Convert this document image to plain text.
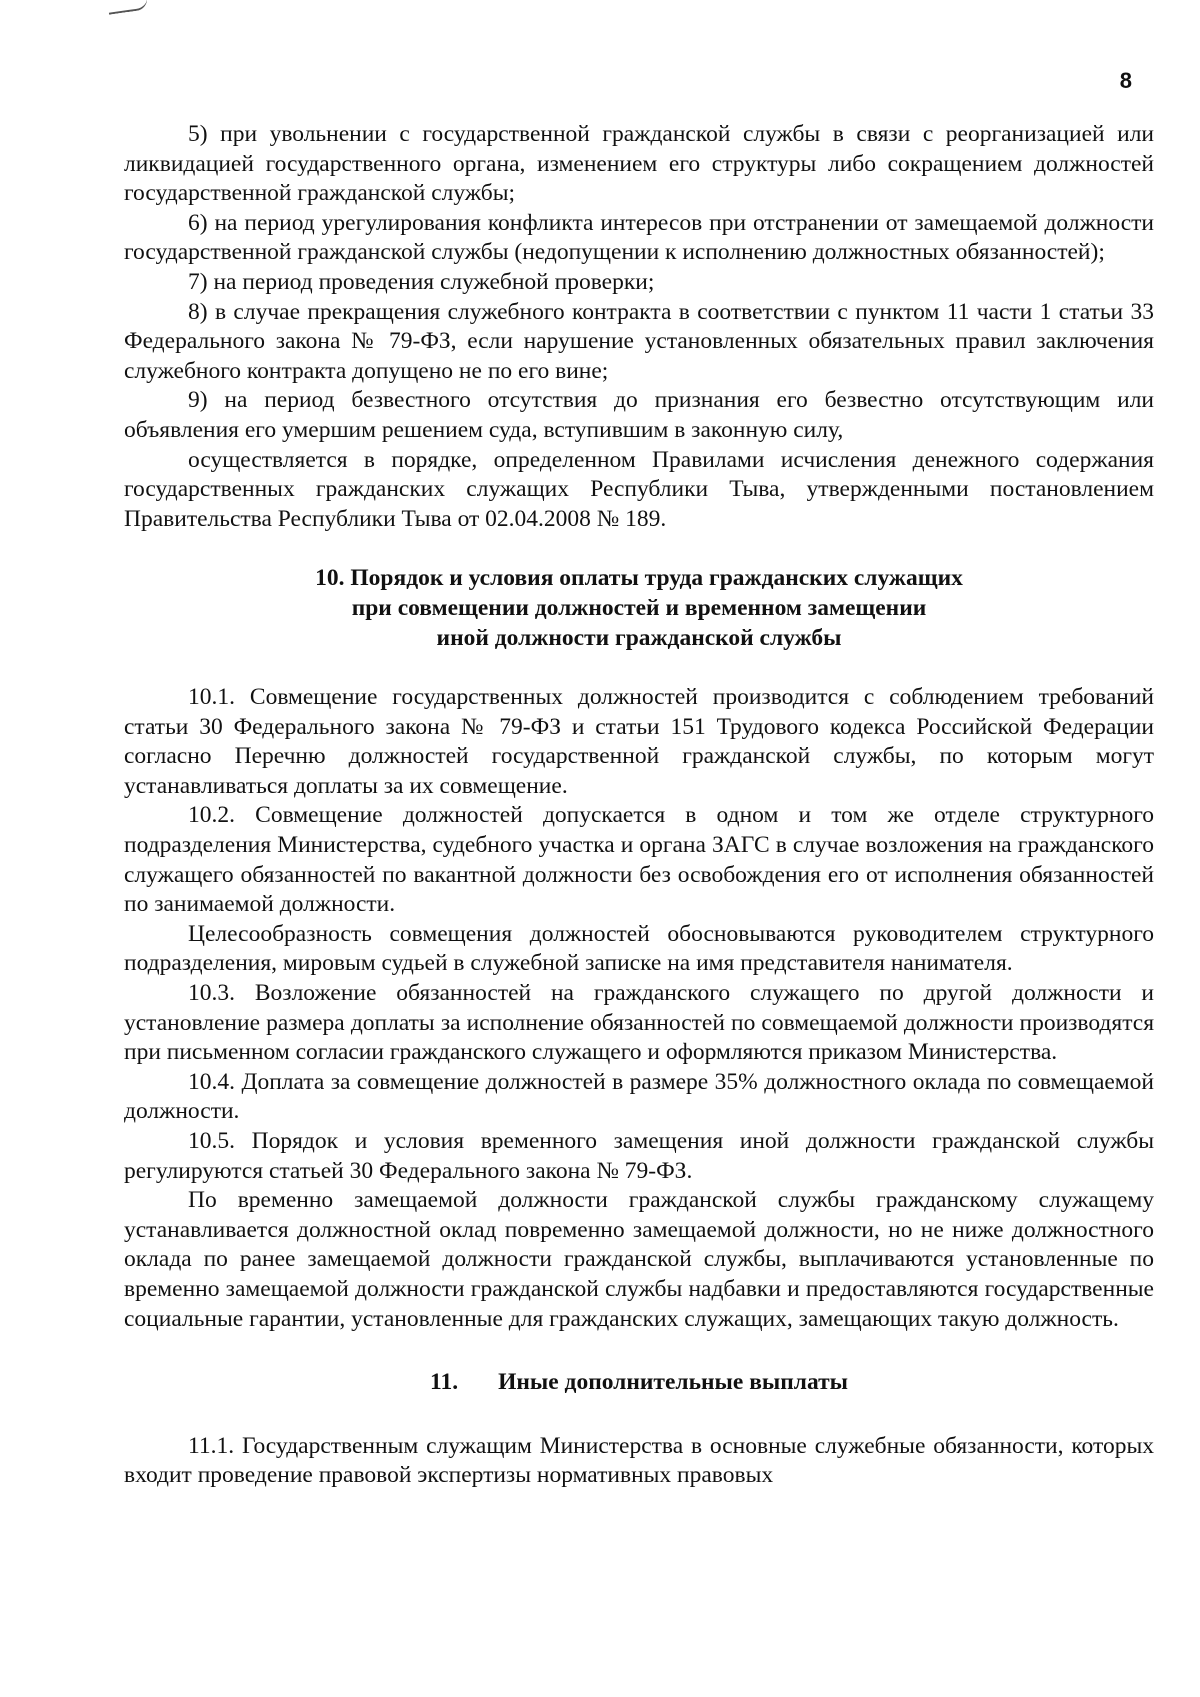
8

5) при увольнении с государственной гражданской службы в связи с реорганизацией или ликвидацией государственного органа, изменением его структуры либо сокращением должностей государственной гражданской службы;

6) на период урегулирования конфликта интересов при отстранении от замещаемой должности государственной гражданской службы (недопущении к исполнению должностных обязанностей);

7) на период проведения служебной проверки;

8) в случае прекращения служебного контракта в соответствии с пунктом 11 части 1 статьи 33 Федерального закона № 79-ФЗ, если нарушение установленных обязательных правил заключения служебного контракта допущено не по его вине;

9) на период безвестного отсутствия до признания его безвестно отсутствующим или объявления его умершим решением суда, вступившим в законную силу,

осуществляется в порядке, определенном Правилами исчисления денежного содержания государственных гражданских служащих Республики Тыва, утвержденными постановлением Правительства Республики Тыва от 02.04.2008 № 189.

10. Порядок и условия оплаты труда гражданских служащих
при совмещении должностей и временном замещении
иной должности гражданской службы

10.1. Совмещение государственных должностей производится с соблюдением требований статьи 30 Федерального закона № 79-ФЗ и статьи 151 Трудового кодекса Российской Федерации согласно Перечню должностей государственной гражданской службы, по которым могут устанавливаться доплаты за их совмещение.

10.2. Совмещение должностей допускается в одном и том же отделе структурного подразделения Министерства, судебного участка и органа ЗАГС в случае возложения на гражданского служащего обязанностей по вакантной должности без освобождения его от исполнения обязанностей по занимаемой должности.

Целесообразность совмещения должностей обосновываются руководителем структурного подразделения, мировым судьей в служебной записке на имя представителя нанимателя.

10.3. Возложение обязанностей на гражданского служащего по другой должности и установление размера доплаты за исполнение обязанностей по совмещаемой должности производятся при письменном согласии гражданского служащего и оформляются приказом Министерства.

10.4. Доплата за совмещение должностей в размере 35% должностного оклада по совмещаемой должности.

10.5. Порядок и условия временного замещения иной должности гражданской службы регулируются статьей 30 Федерального закона № 79-ФЗ.

По временно замещаемой должности гражданской службы гражданскому служащему устанавливается должностной оклад повременно замещаемой должности, но не ниже должностного оклада по ранее замещаемой должности гражданской службы, выплачиваются установленные по временно замещаемой должности гражданской службы надбавки и предоставляются государственные социальные гарантии, установленные для гражданских служащих, замещающих такую должность.

11. Иные дополнительные выплаты

11.1. Государственным служащим Министерства в основные служебные обязанности, которых входит проведение правовой экспертизы нормативных правовых
